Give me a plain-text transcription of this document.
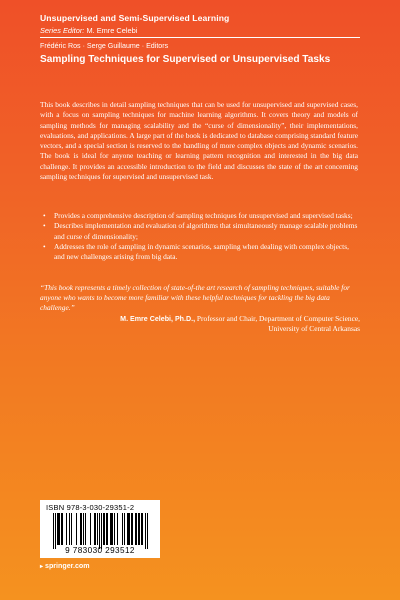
Unsupervised and Semi-Supervised Learning
Series Editor: M. Emre Celebi
Frédéric Ros · Serge Guillaume · Editors
Sampling Techniques for Supervised or Unsupervised Tasks

This book describes in detail sampling techniques that can be used for unsupervised and supervised cases, with a focus on sampling techniques for machine learning algorithms. It covers theory and models of sampling methods for managing scalability and the “curse of dimensionality”, their implementations, evaluations, and applications. A large part of the book is dedicated to database comprising standard feature vectors, and a special section is reserved to the handling of more complex objects and dynamic scenarios. The book is ideal for anyone teaching or learning pattern recognition and interested in the big data challenge. It provides an accessible introduction to the field and discusses the state of the art concerning sampling techniques for supervised and unsupervised task.

• Provides a comprehensive description of sampling techniques for unsupervised and supervised tasks;
• Describes implementation and evaluation of algorithms that simultaneously manage scalable problems and curse of dimensionality;
• Addresses the role of sampling in dynamic scenarios, sampling when dealing with complex objects, and new challenges arising from big data.

“This book represents a timely collection of state-of-the art research of sampling techniques, suitable for anyone who wants to become more familiar with these helpful techniques for tackling the big data challenge.”

M. Emre Celebi, Ph.D., Professor and Chair, Department of Computer Science, University of Central Arkansas

ISBN 978-3-030-29351-2
9 783030 293512
▸ springer.com
